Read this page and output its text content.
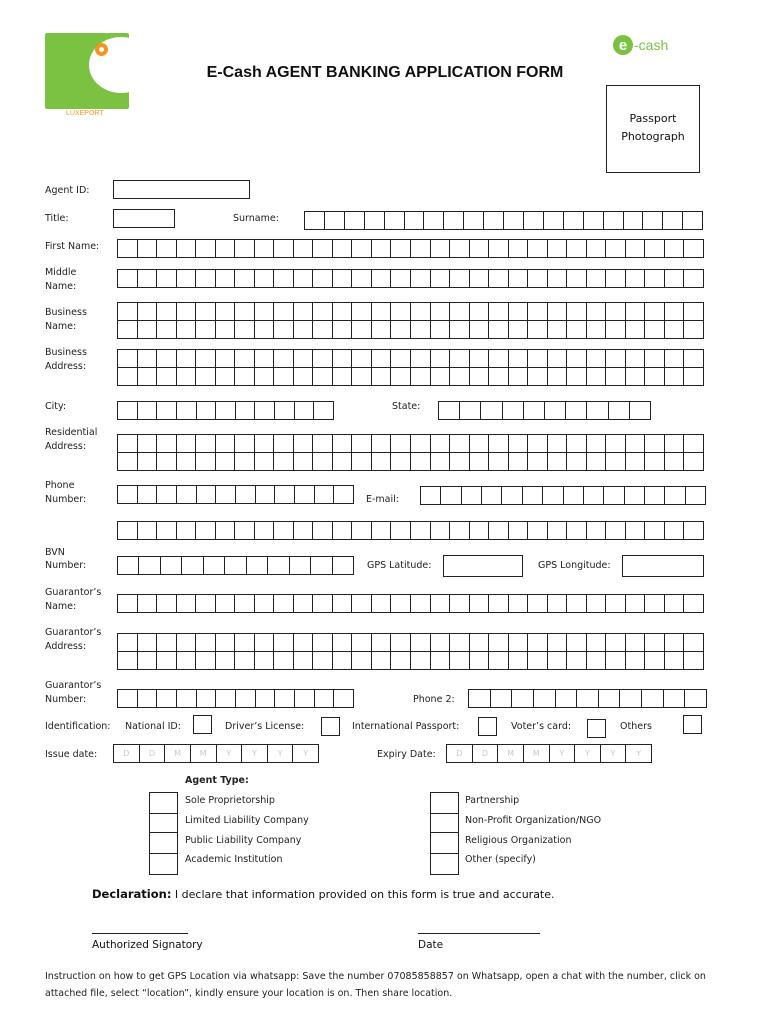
LUXEPORT
E-Cash AGENT BANKING APPLICATION FORM
e -cash
Passport
Photograph
Agent ID:
Title:	Surname:
First Name:
Middle
Name:
Business
Name:
Business
Address:
City:	State:
Residential
Address:
Phone
Number:	E-mail:
BVN
Number:	GPS Latitude:	GPS Longitude:
Guarantor’s
Name:
Guarantor’s
Address:
Guarantor’s
Number:	Phone 2:
Identification: National ID:	Driver’s License:	International Passport:	Voter’s card:	Others
Issue date:	D	D	M	M	Y	Y	Y	Y	Expiry Date:	D	D	M	M	Y	Y	Y	Y
Agent Type:
Sole Proprietorship
Limited Liability Company
Public Liability Company
Academic Institution
Partnership
Non-Profit Organization/NGO
Religious Organization
Other (specify)
Declaration: I declare that information provided on this form is true and accurate.
Authorized Signatory	Date
Instruction on how to get GPS Location via whatsapp: Save the number 07085858857 on Whatsapp, open a chat with the number, click on attached file, select “location”, kindly ensure your location is on. Then share location.
